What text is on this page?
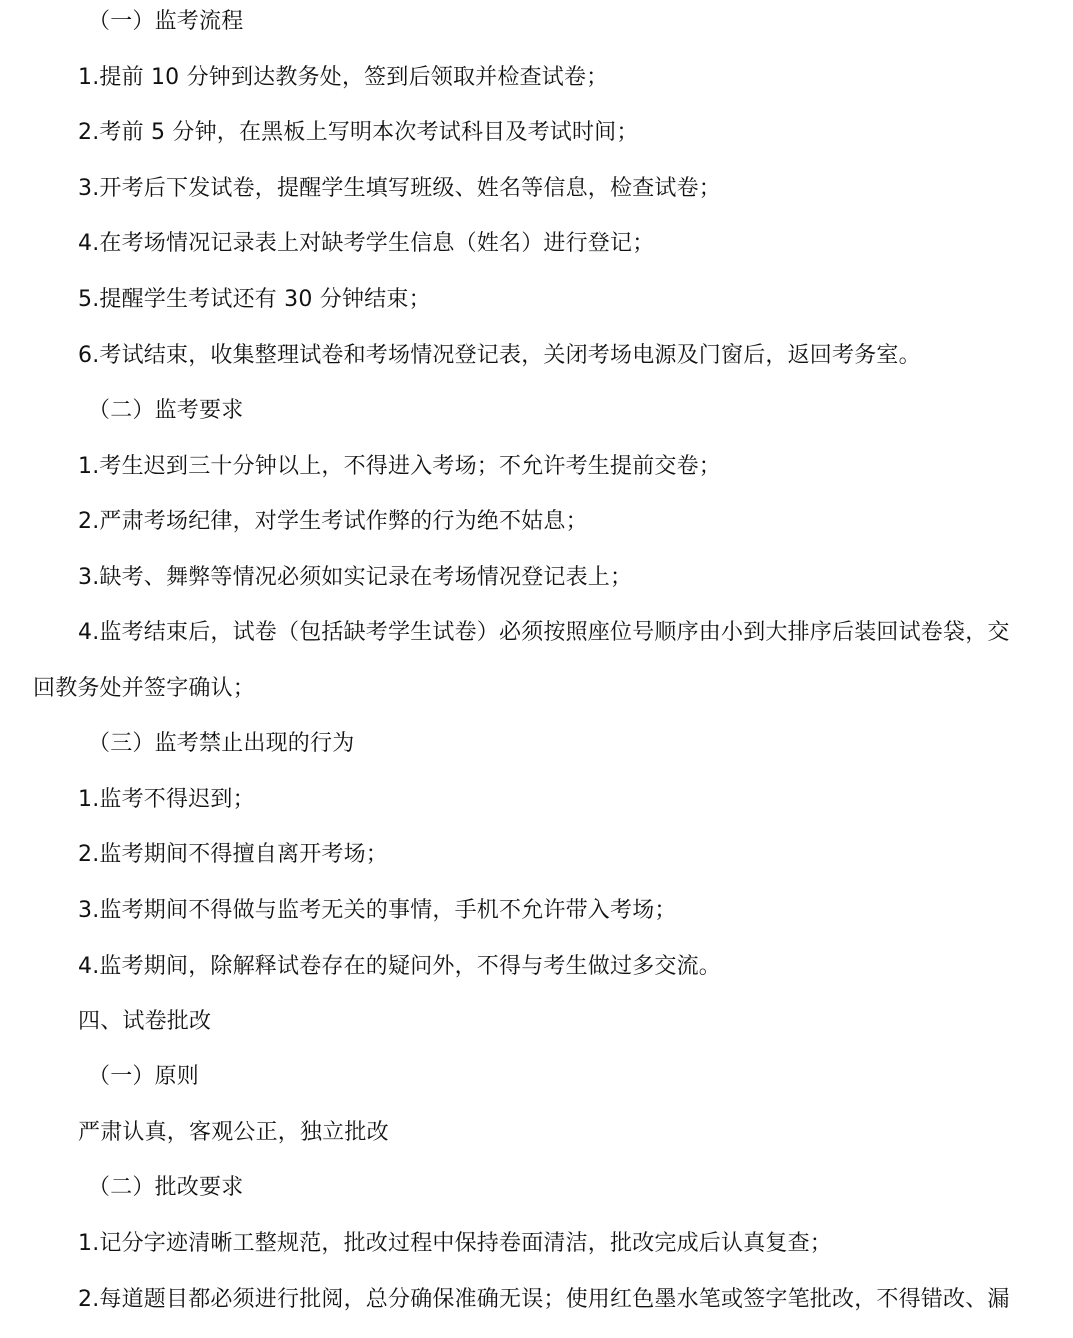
（一）监考流程
1.提前 10 分钟到达教务处，签到后领取并检查试卷；
2.考前 5 分钟，在黑板上写明本次考试科目及考试时间；
3.开考后下发试卷，提醒学生填写班级、姓名等信息，检查试卷；
4.在考场情况记录表上对缺考学生信息（姓名）进行登记；
5.提醒学生考试还有 30 分钟结束；
6.考试结束，收集整理试卷和考场情况登记表，关闭考场电源及门窗后，返回考务室。
（二）监考要求
1.考生迟到三十分钟以上，不得进入考场；不允许考生提前交卷；
2.严肃考场纪律，对学生考试作弊的行为绝不姑息；
3.缺考、舞弊等情况必须如实记录在考场情况登记表上；
4.监考结束后，试卷（包括缺考学生试卷）必须按照座位号顺序由小到大排序后装回试卷袋，交
回教务处并签字确认；
（三）监考禁止出现的行为
1.监考不得迟到；
2.监考期间不得擅自离开考场；
3.监考期间不得做与监考无关的事情，手机不允许带入考场；
4.监考期间，除解释试卷存在的疑问外，不得与考生做过多交流。
四、试卷批改
（一）原则
严肃认真，客观公正，独立批改
（二）批改要求
1.记分字迹清晰工整规范，批改过程中保持卷面清洁，批改完成后认真复查；
2.每道题目都必须进行批阅，总分确保准确无误；使用红色墨水笔或签字笔批改，不得错改、漏
